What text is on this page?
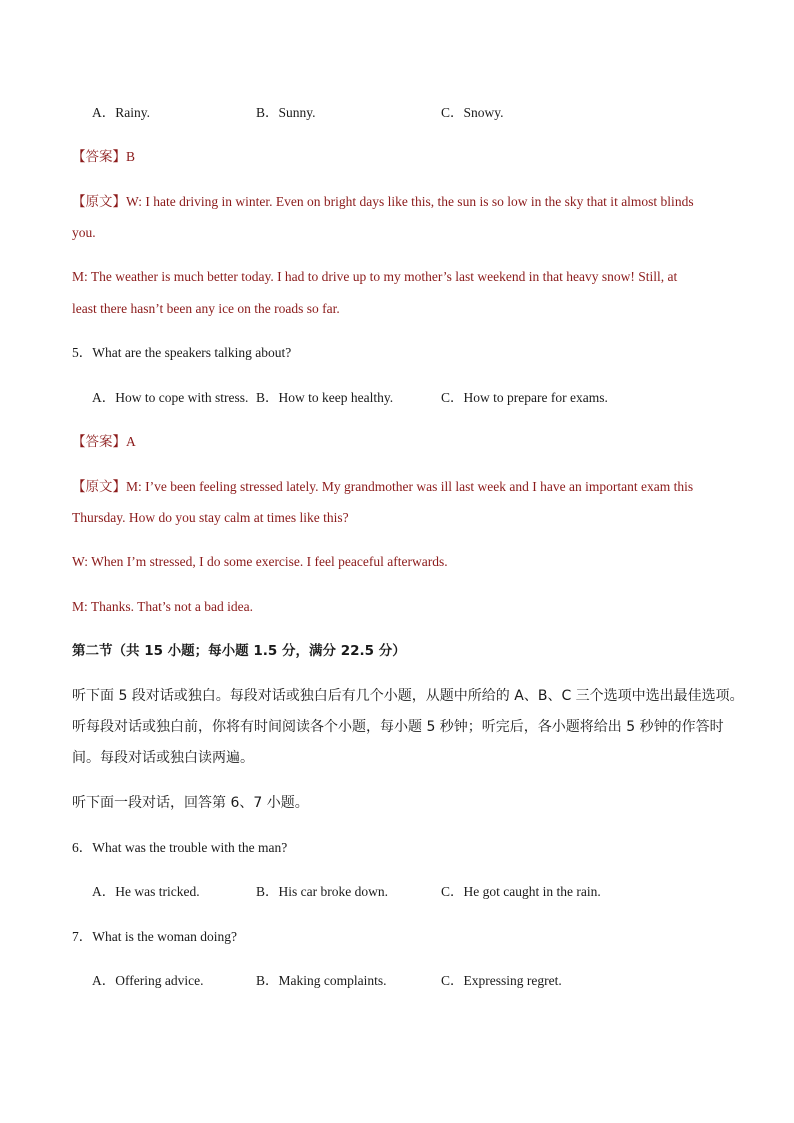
A．Rainy.	B．Sunny.	C．Snowy.
【答案】B
【原文】W: I hate driving in winter. Even on bright days like this, the sun is so low in the sky that it almost blinds
you.
M: The weather is much better today. I had to drive up to my mother’s last weekend in that heavy snow! Still, at
least there hasn’t been any ice on the roads so far.
5．What are the speakers talking about?
A．How to cope with stress. B．How to keep healthy.	C．How to prepare for exams.
【答案】A
【原文】M: I’ve been feeling stressed lately. My grandmother was ill last week and I have an important exam this
Thursday. How do you stay calm at times like this?
W: When I’m stressed, I do some exercise. I feel peaceful afterwards.
M: Thanks. That’s not a bad idea.
第二节（共 15 小题；每小题 1.5 分，满分 22.5 分）
听下面 5 段对话或独白。每段对话或独白后有几个小题，从题中所给的 A、B、C 三个选项中选出最佳选项。
听每段对话或独白前，你将有时间阅读各个小题，每小题 5 秒钟；听完后，各小题将给出 5 秒钟的作答时
间。每段对话或独白读两遍。
听下面一段对话，回答第 6、7 小题。
6．What was the trouble with the man?
A．He was tricked.	B．His car broke down.	C．He got caught in the rain.
7．What is the woman doing?
A．Offering advice.	B．Making complaints.	C．Expressing regret.
